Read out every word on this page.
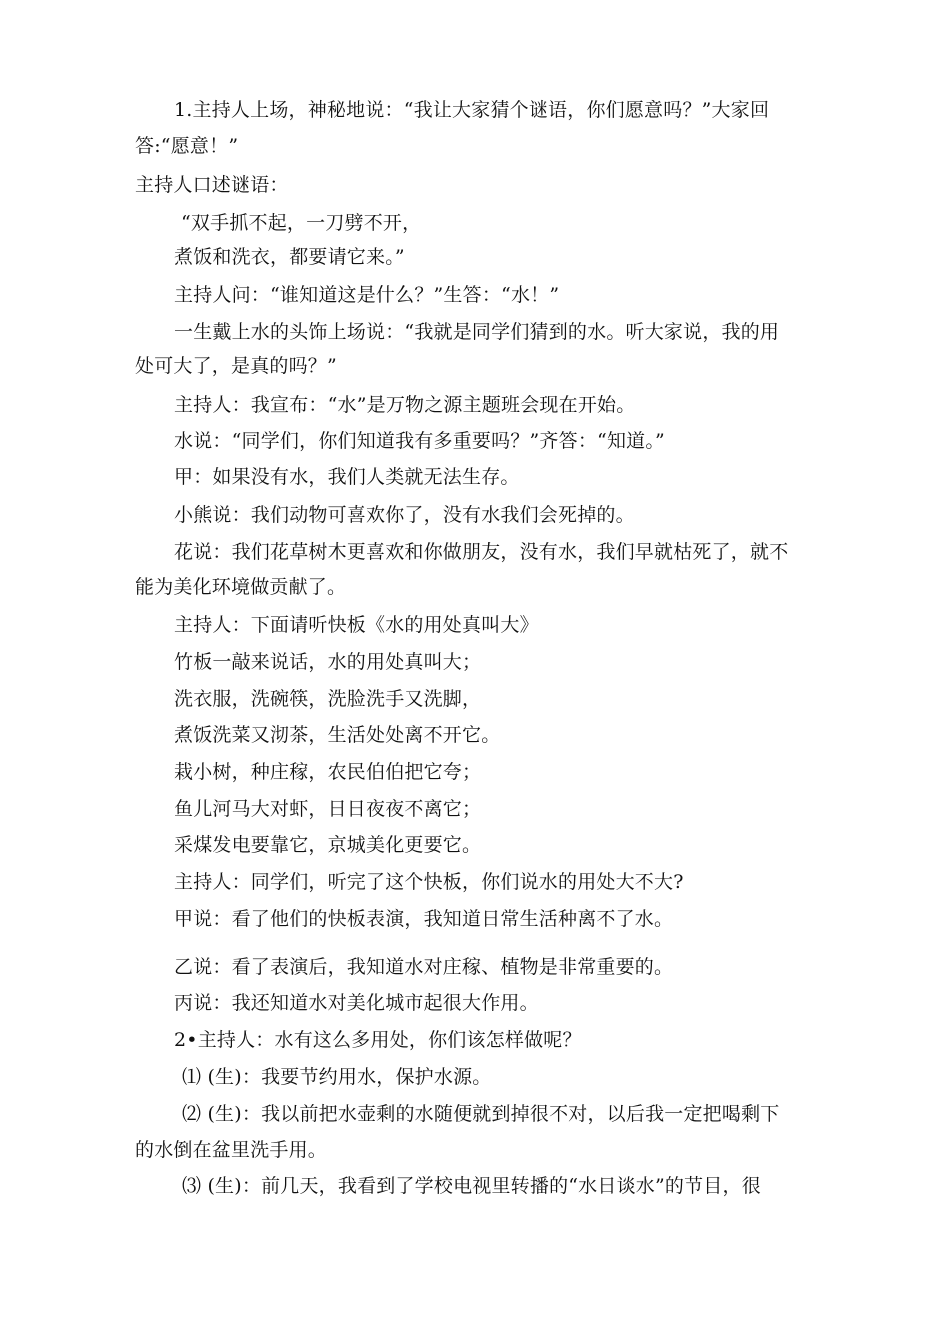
1.主持人上场，神秘地说：“我让大家猜个谜语，你们愿意吗？”大家回
答:“愿意！”
主持人口述谜语：
“双手抓不起，一刀劈不开，
煮饭和洗衣，都要请它来。”
主持人问：“谁知道这是什么？”生答：“水！”
一生戴上水的头饰上场说：“我就是同学们猜到的水。听大家说，我的用
处可大了，是真的吗？”
主持人：我宣布：“水”是万物之源主题班会现在开始。
水说：“同学们，你们知道我有多重要吗？”齐答：“知道。”
甲：如果没有水，我们人类就无法生存。
小熊说：我们动物可喜欢你了，没有水我们会死掉的。
花说：我们花草树木更喜欢和你做朋友，没有水，我们早就枯死了，就不
能为美化环境做贡献了。
主持人：下面请听快板《水的用处真叫大》
竹板一敲来说话，水的用处真叫大；
洗衣服，洗碗筷，洗脸洗手又洗脚，
煮饭洗菜又沏茶，生活处处离不开它。
栽小树，种庄稼，农民伯伯把它夸；
鱼儿河马大对虾，日日夜夜不离它；
采煤发电要靠它，京城美化更要它。
主持人：同学们，听完了这个快板，你们说水的用处大不大?
甲说：看了他们的快板表演，我知道日常生活种离不了水。
乙说：看了表演后，我知道水对庄稼、植物是非常重要的。
丙说：我还知道水对美化城市起很大作用。
2•主持人：水有这么多用处，你们该怎样做呢？
⑴ (生)：我要节约用水，保护水源。
⑵ (生)：我以前把水壶剩的水随便就到掉很不对，以后我一定把喝剩下
的水倒在盆里洗手用。
⑶ (生)：前几天，我看到了学校电视里转播的“水日谈水”的节目，很
